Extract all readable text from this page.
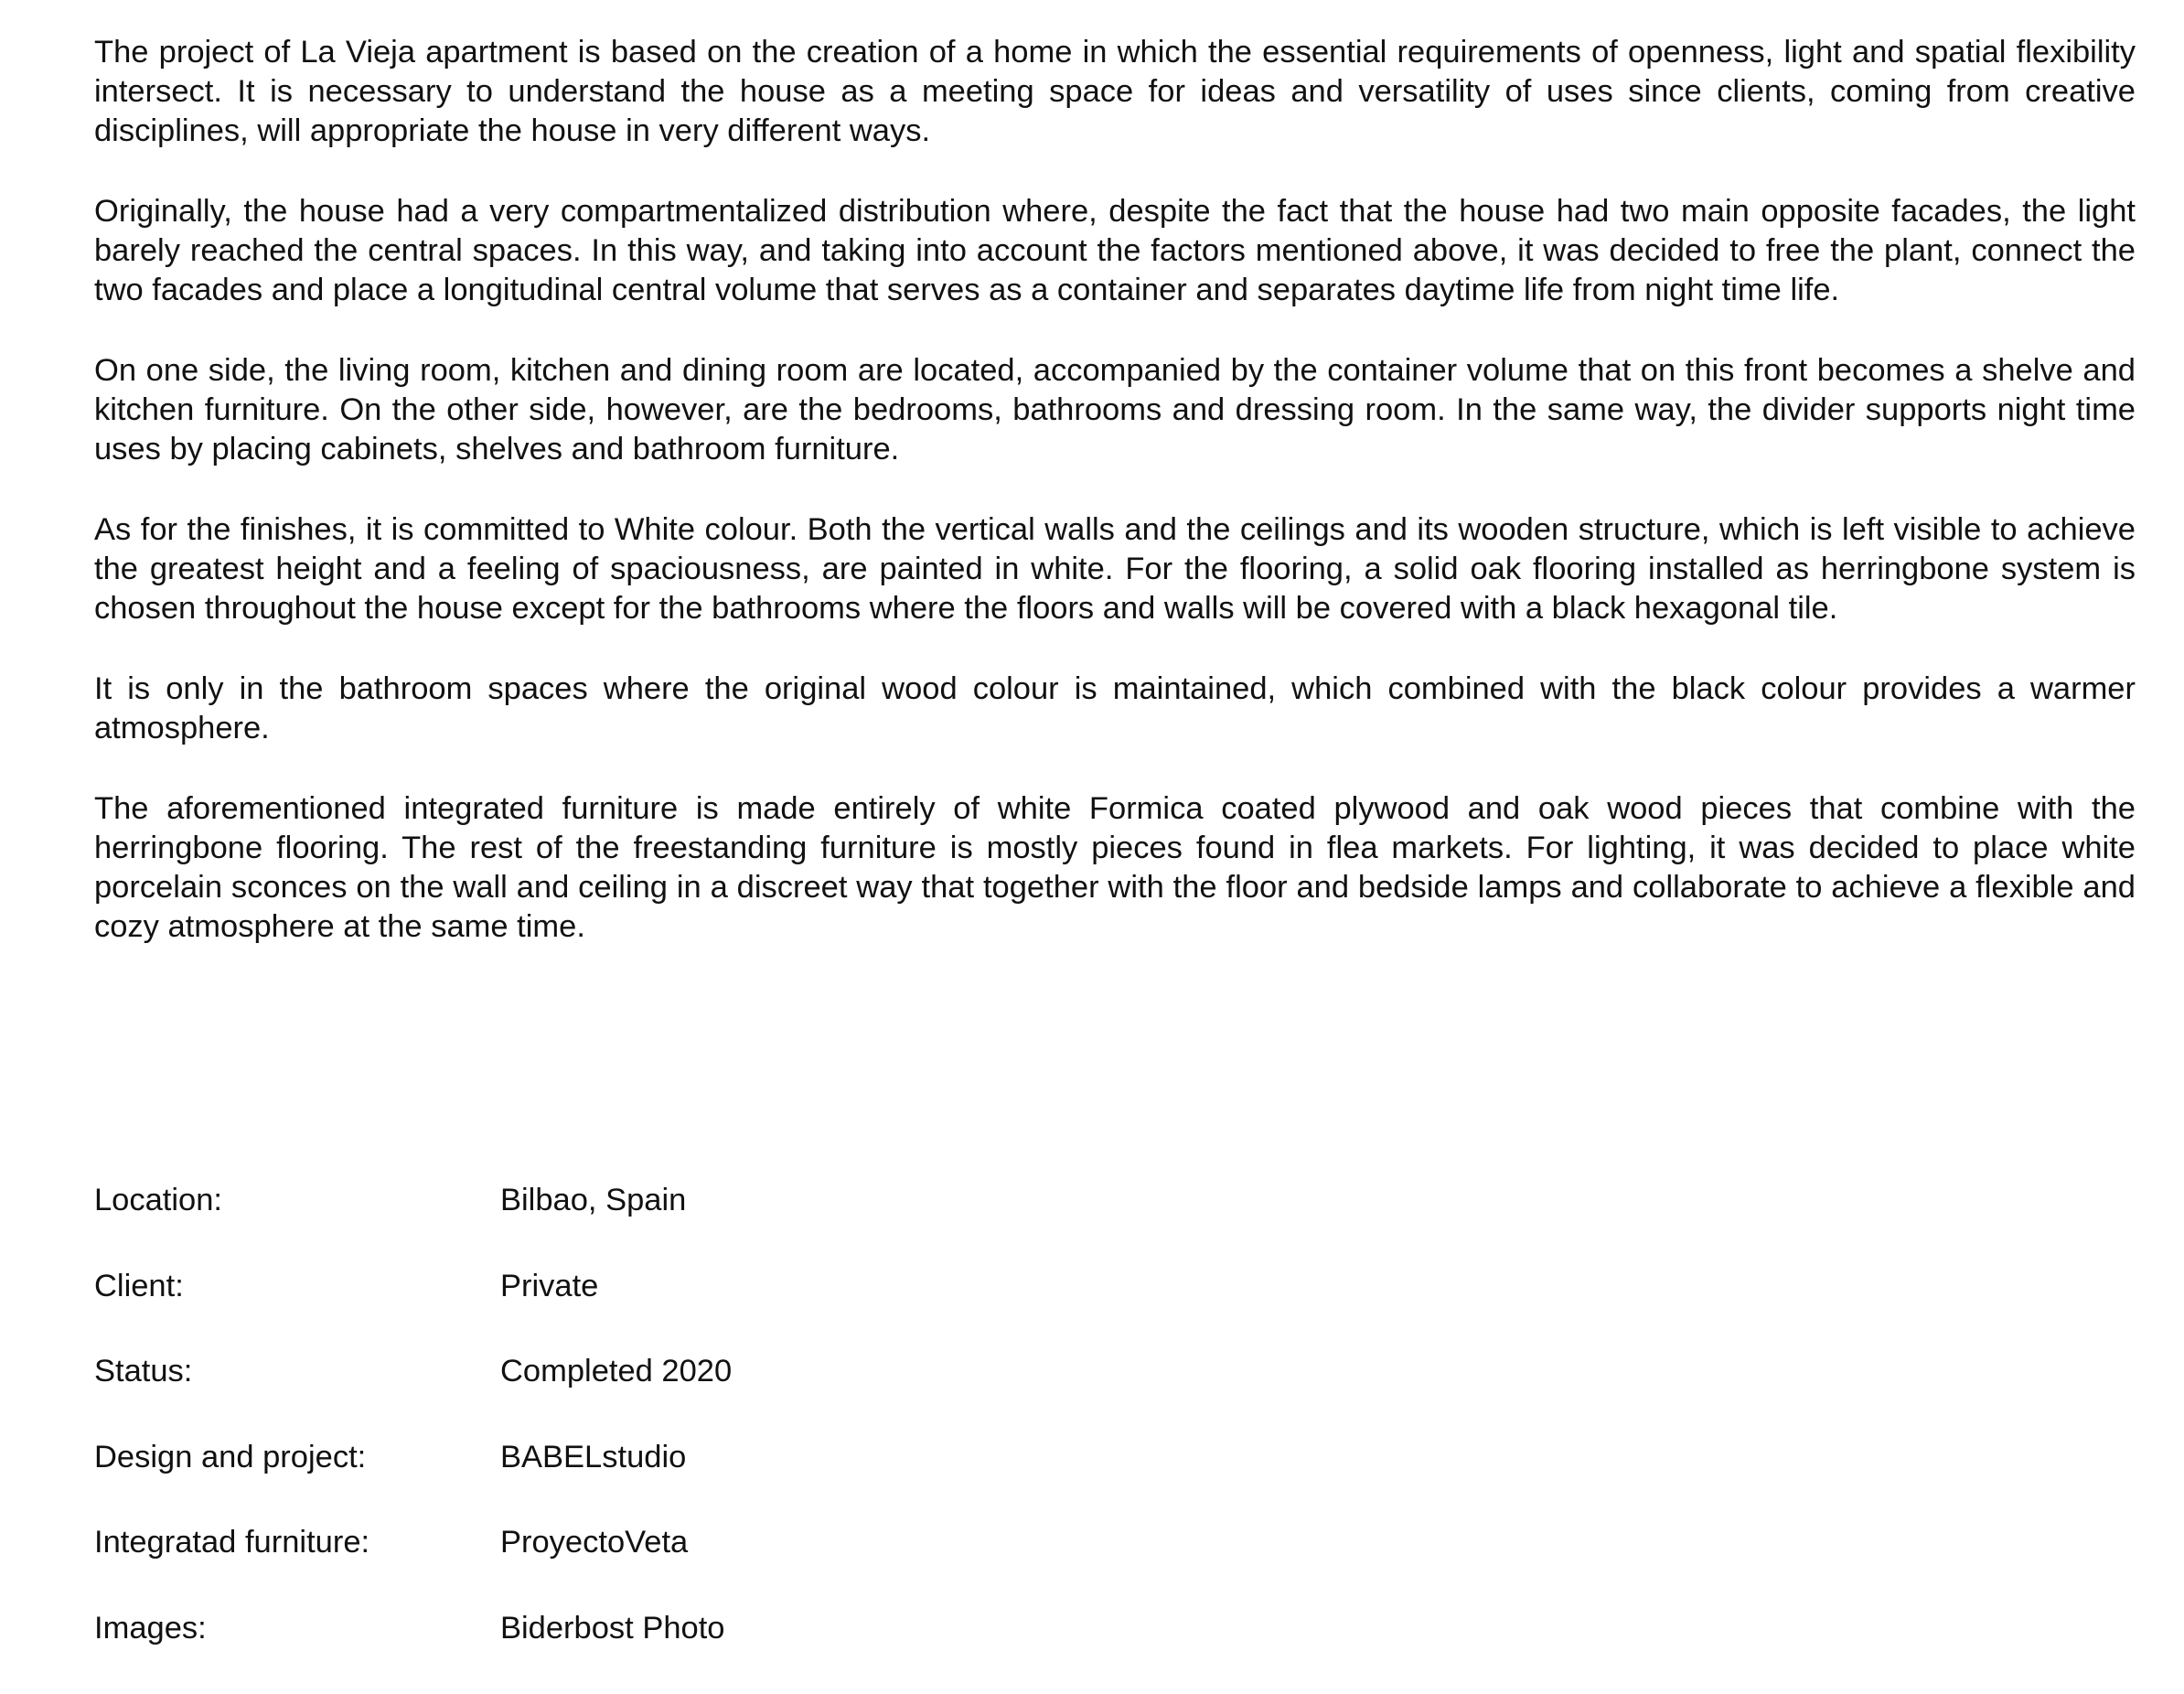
The project of La Vieja apartment is based on the creation of a home in which the essential requirements of openness, light and spatial flexibility intersect. It is necessary to understand the house as a meeting space for ideas and versatility of uses since clients, coming from creative disciplines, will appropriate the house in very different ways.

Originally, the house had a very compartmentalized distribution where, despite the fact that the house had two main opposite facades, the light barely reached the central spaces. In this way, and taking into account the factors mentioned above, it was decided to free the plant, connect the two facades and place a longitudinal central volume that serves as a container and separates daytime life from night time life.

On one side, the living room, kitchen and dining room are located, accompanied by the container volume that on this front becomes a shelve and kitchen furniture. On the other side, however, are the bedrooms, bathrooms and dressing room. In the same way, the divider supports night time uses by placing cabinets, shelves and bathroom furniture.

As for the finishes, it is committed to White colour. Both the vertical walls and the ceilings and its wooden structure, which is left visible to achieve the greatest height and a feeling of spaciousness, are painted in white. For the flooring, a solid oak flooring installed as herringbone system is chosen throughout the house except for the bathrooms where the floors and walls will be covered with a black hexagonal tile.

It is only in the bathroom spaces where the original wood colour is maintained, which combined with the black colour provides a warmer atmosphere.

The aforementioned integrated furniture is made entirely of white Formica coated plywood and oak wood pieces that combine with the herringbone flooring. The rest of the freestanding furniture is mostly pieces found in flea markets. For lighting, it was decided to place white porcelain sconces on the wall and ceiling in a discreet way that together with the floor and bedside lamps and collaborate to achieve a flexible and cozy atmosphere at the same time.

Location:	Bilbao, Spain
Client:	Private
Status:	Completed 2020
Design and project:	BABELstudio
Integratad furniture:	ProyectoVeta
Images:	Biderbost Photo
